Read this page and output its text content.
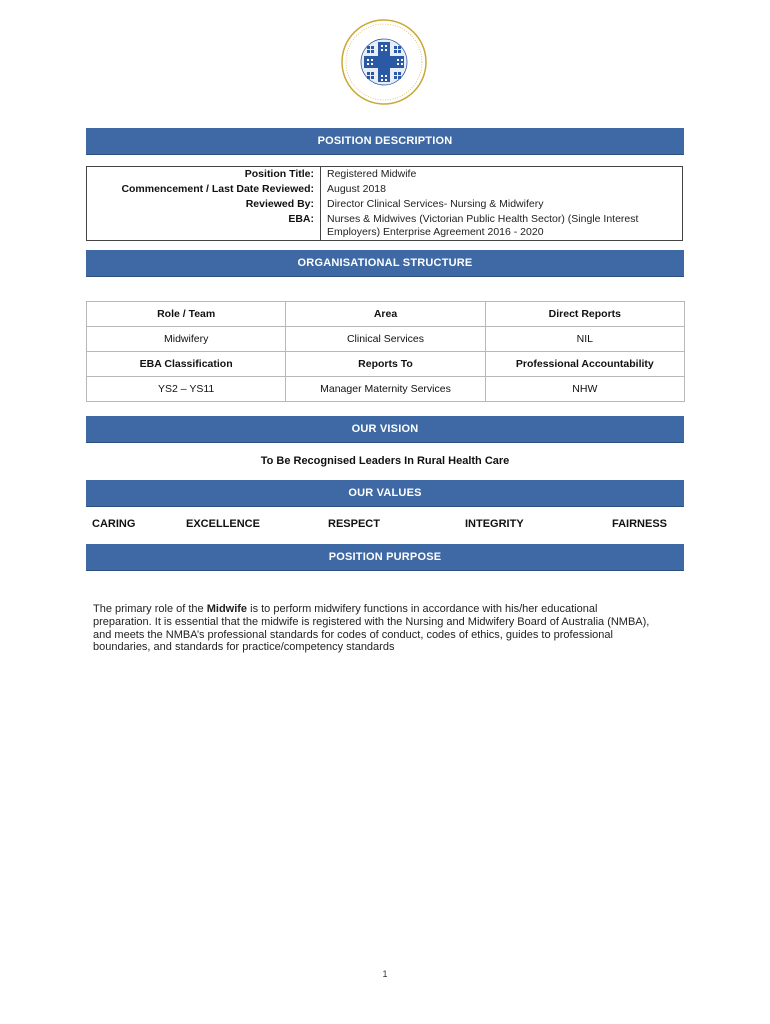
POSITION DESCRIPTION
Position Title:	Registered Midwife
Commencement / Last Date Reviewed:	August 2018
Reviewed By:	Director Clinical Services- Nursing & Midwifery
EBA:	Nurses & Midwives (Victorian Public Health Sector) (Single Interest Employers) Enterprise Agreement 2016 - 2020
ORGANISATIONAL STRUCTURE
Role / Team	Area	Direct Reports
Midwifery	Clinical Services	NIL
EBA Classification	Reports To	Professional Accountability
YS2 – YS11	Manager Maternity Services	NHW
OUR VISION
To Be Recognised Leaders In Rural Health Care
OUR VALUES
CARING	EXCELLENCE	RESPECT	INTEGRITY	FAIRNESS
POSITION PURPOSE
The primary role of the Midwife is to perform midwifery functions in accordance with his/her educational preparation. It is essential that the midwife is registered with the Nursing and Midwifery Board of Australia (NMBA), and meets the NMBA’s professional standards for codes of conduct, codes of ethics, guides to professional boundaries, and standards for practice/competency standards
1
